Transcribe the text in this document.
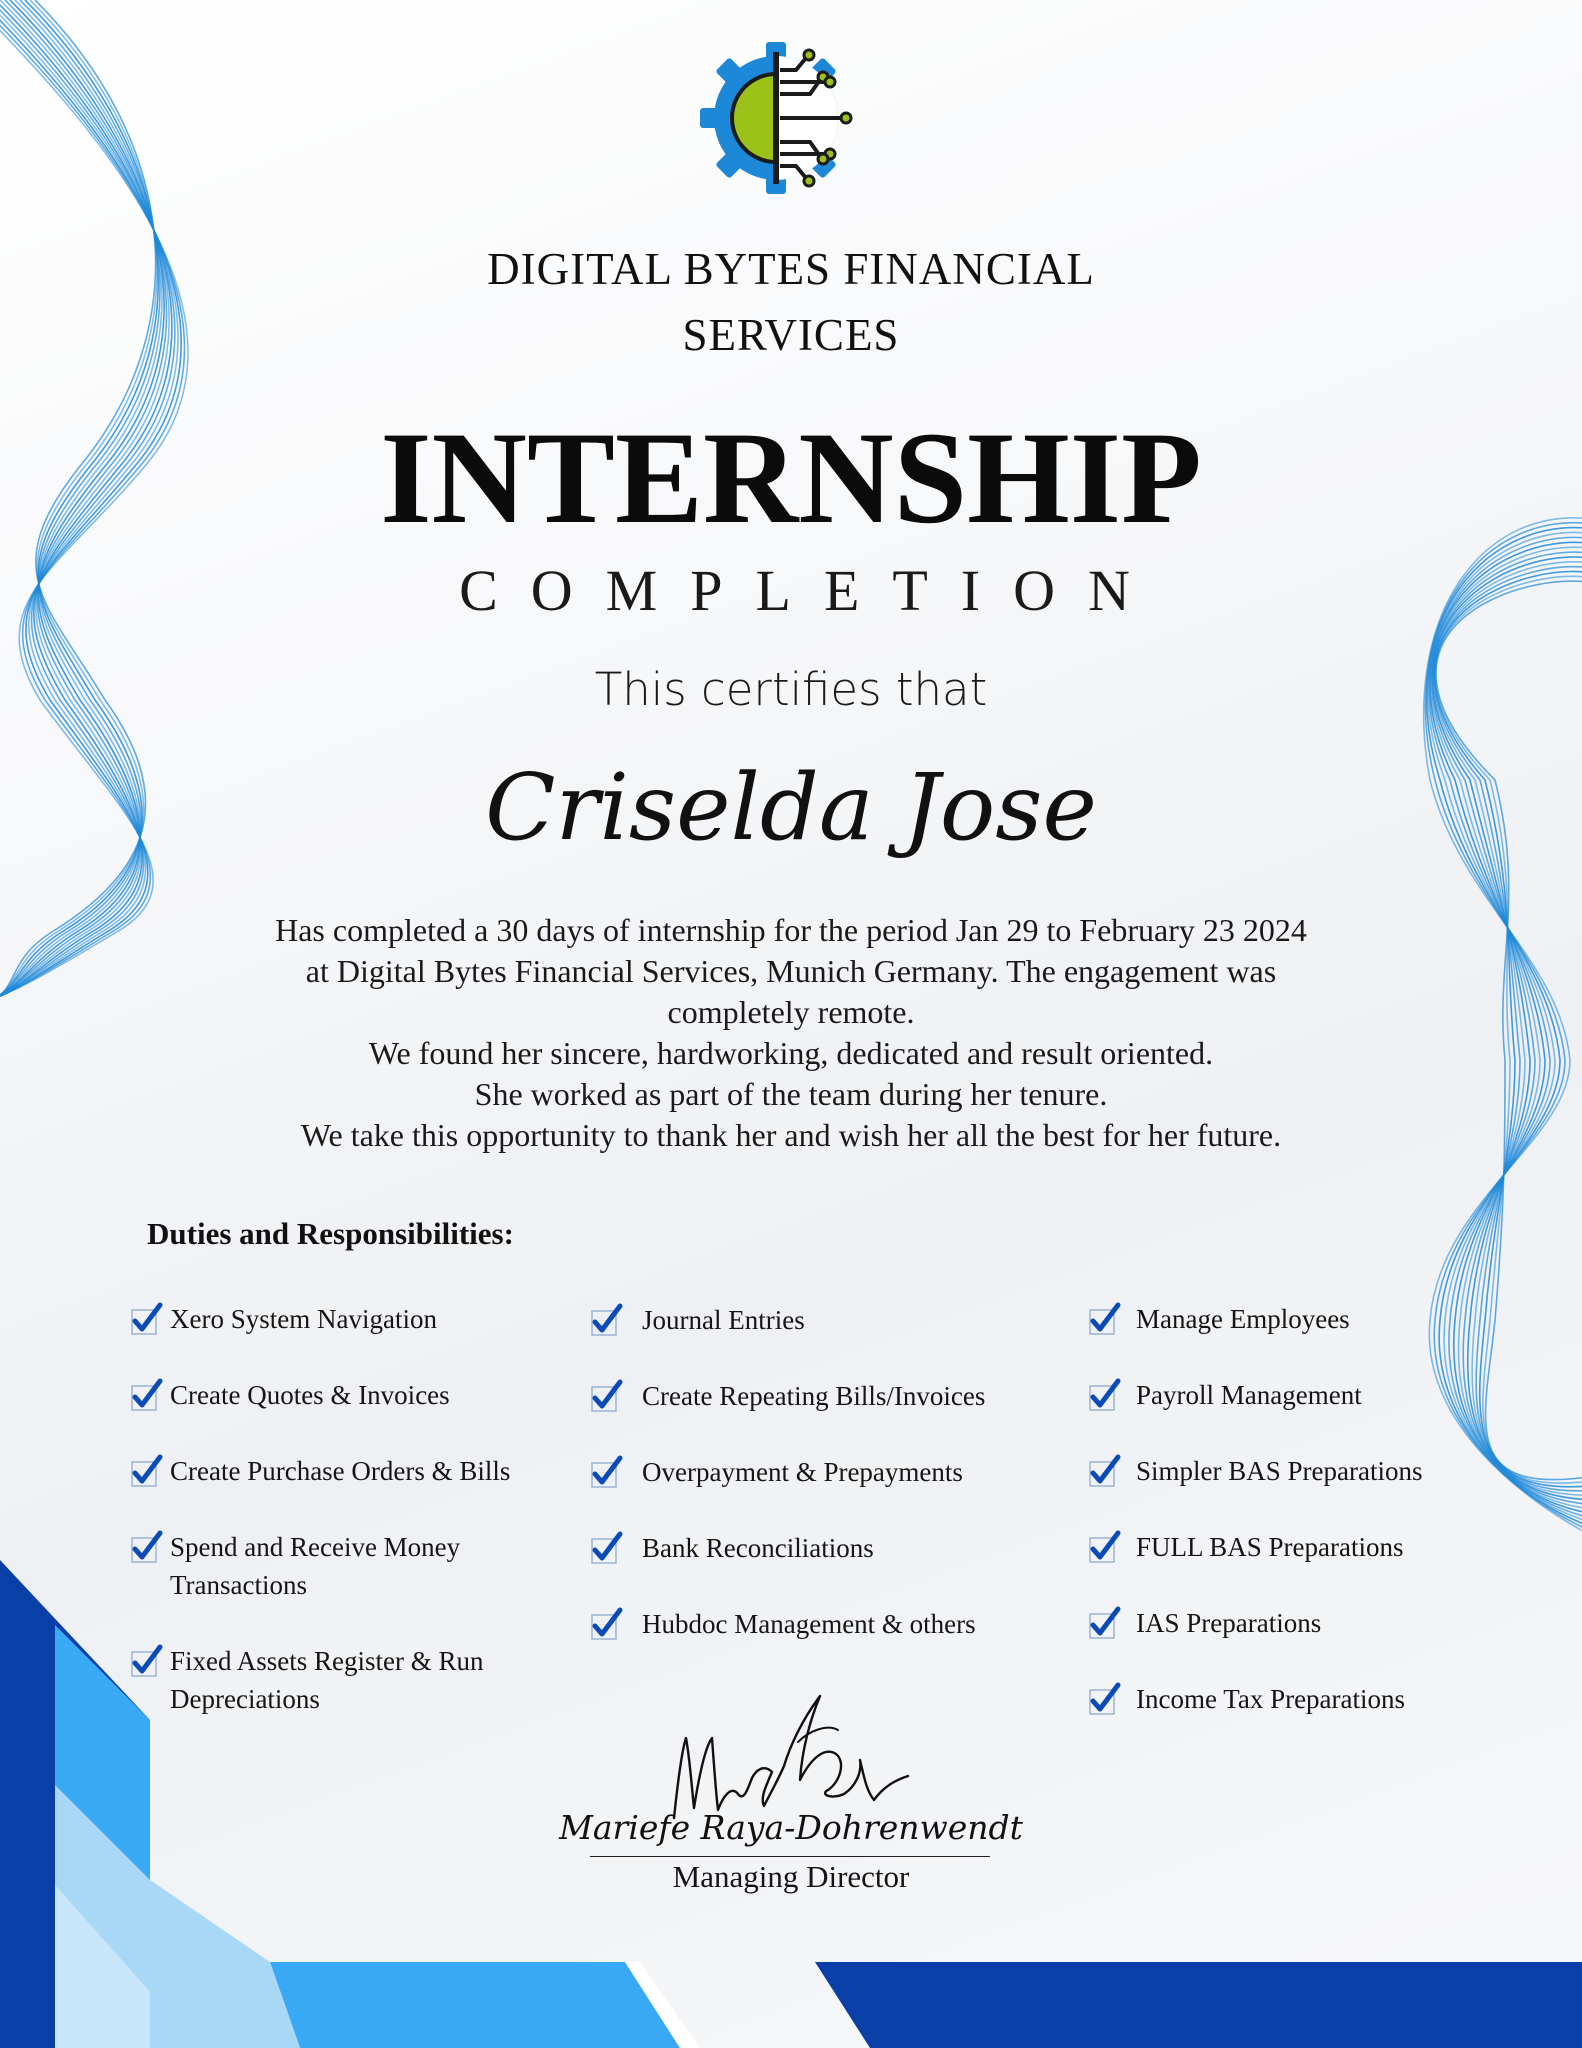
DIGITAL BYTES FINANCIAL
SERVICES
INTERNSHIP
COMPLETION
This certifies that
Criselda Jose
Has completed a 30 days of internship for the period Jan 29 to February 23 2024
at Digital Bytes Financial Services, Munich Germany. The engagement was
completely remote.
We found her sincere, hardworking, dedicated and result oriented.
She worked as part of the team during her tenure.
We take this opportunity to thank her and wish her all the best for her future.
Duties and Responsibilities:
Xero System Navigation
Create Quotes & Invoices
Create Purchase Orders & Bills
Spend and Receive Money
Transactions
Fixed Assets Register & Run
Depreciations
Journal Entries
Create Repeating Bills/Invoices
Overpayment & Prepayments
Bank Reconciliations
Hubdoc Management & others
Manage Employees
Payroll Management
Simpler BAS Preparations
FULL BAS Preparations
IAS Preparations
Income Tax Preparations
Mariefe Raya-Dohrenwendt
Managing Director
